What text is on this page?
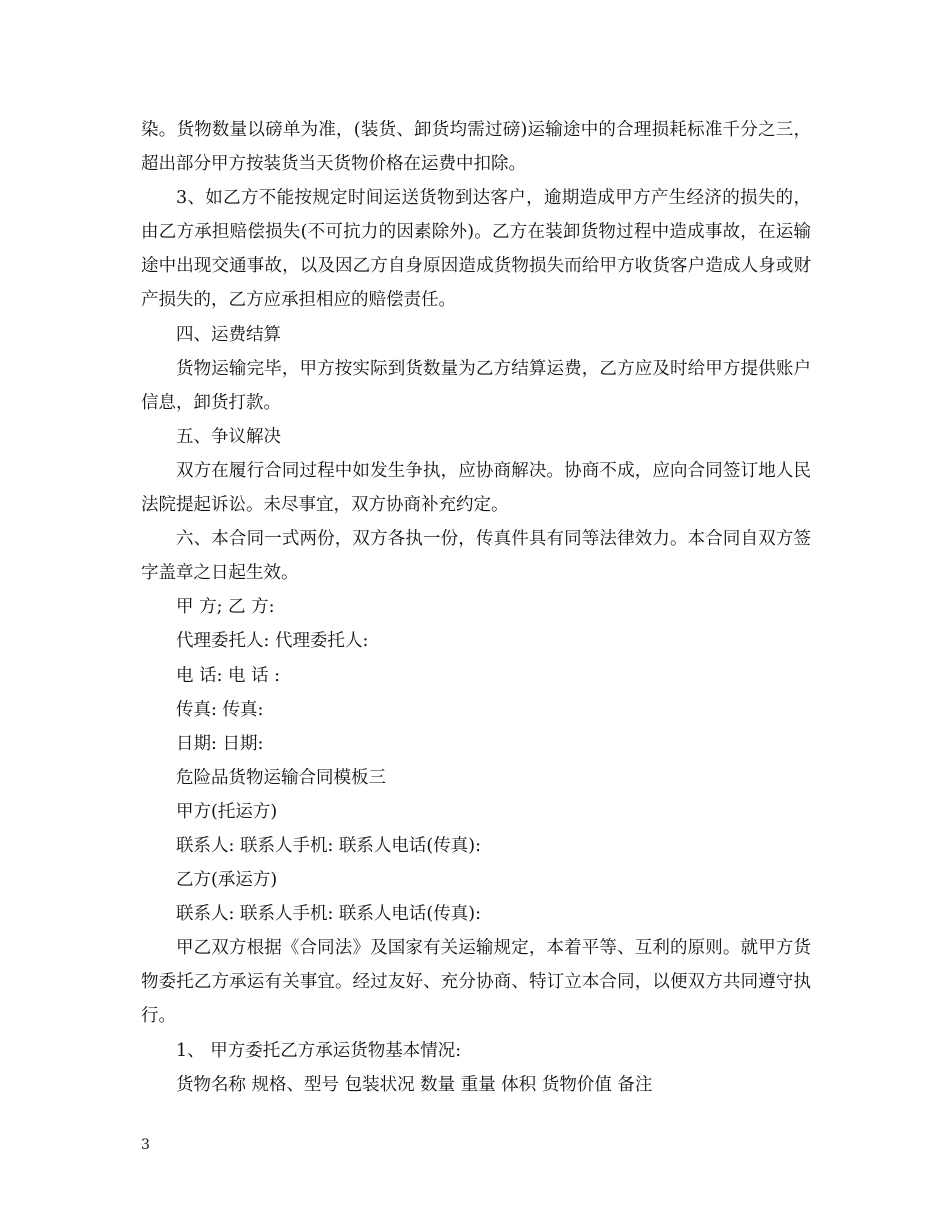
染。货物数量以磅单为准，(装货、卸货均需过磅)运输途中的合理损耗标准千分之三，超出部分甲方按装货当天货物价格在运费中扣除。

3、如乙方不能按规定时间运送货物到达客户，逾期造成甲方产生经济的损失的，由乙方承担赔偿损失(不可抗力的因素除外)。乙方在装卸货物过程中造成事故，在运输途中出现交通事故，以及因乙方自身原因造成货物损失而给甲方收货客户造成人身或财产损失的，乙方应承担相应的赔偿责任。

四、运费结算

货物运输完毕，甲方按实际到货数量为乙方结算运费，乙方应及时给甲方提供账户信息，卸货打款。

五、争议解决

双方在履行合同过程中如发生争执，应协商解决。协商不成，应向合同签订地人民法院提起诉讼。未尽事宜，双方协商补充约定。

六、本合同一式两份，双方各执一份，传真件具有同等法律效力。本合同自双方签字盖章之日起生效。

甲 方; 乙 方:

代理委托人: 代理委托人:

电 话: 电 话 :

传真: 传真:

日期: 日期:

危险品货物运输合同模板三

甲方(托运方)

联系人: 联系人手机: 联系人电话(传真):

乙方(承运方)

联系人: 联系人手机: 联系人电话(传真):

甲乙双方根据《合同法》及国家有关运输规定，本着平等、互利的原则。就甲方货物委托乙方承运有关事宜。经过友好、充分协商、特订立本合同，以便双方共同遵守执行。

1、 甲方委托乙方承运货物基本情况:

货物名称 规格、型号 包装状况 数量 重量 体积 货物价值 备注

3
